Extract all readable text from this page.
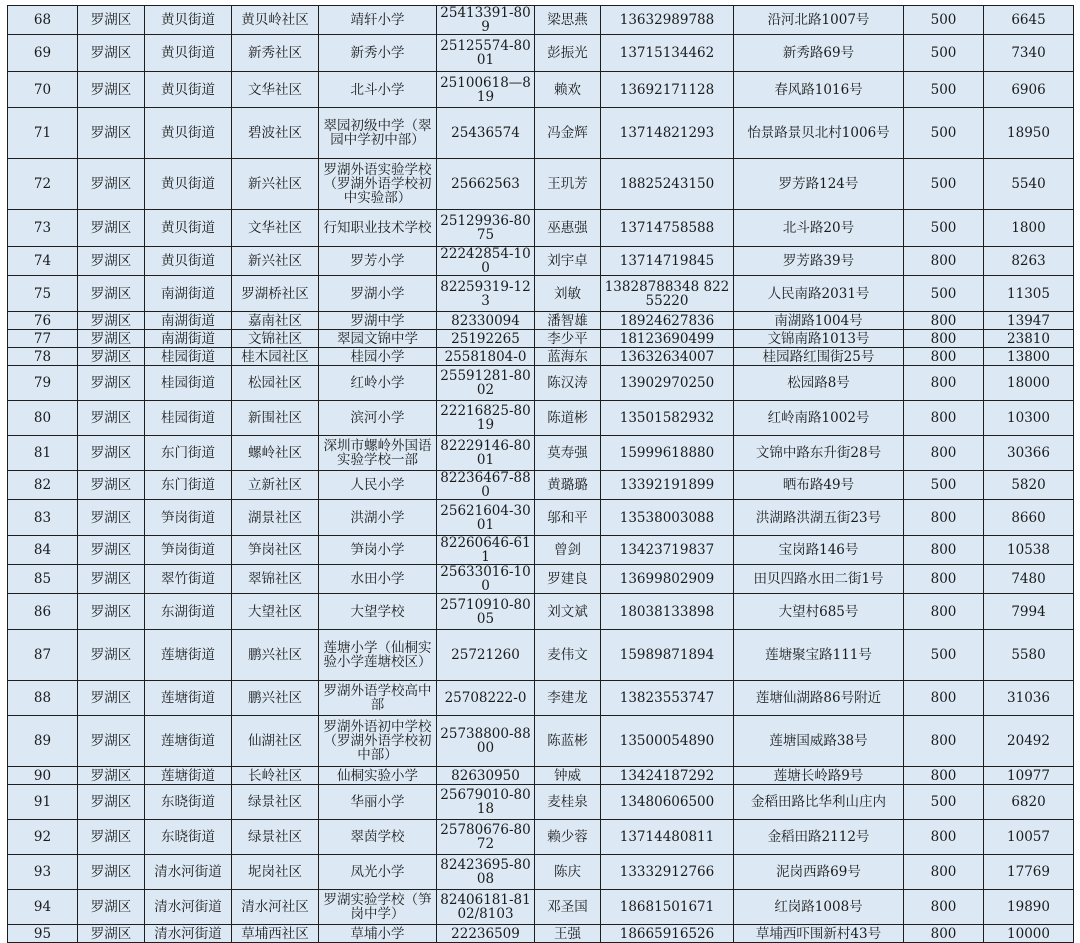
68	罗湖区	黄贝街道	黄贝岭社区	靖轩小学	25413391-809	梁思燕	13632989788	沿河北路1007号	500	6645
69	罗湖区	黄贝街道	新秀社区	新秀小学	25125574-8001	彭振光	13715134462	新秀路69号	500	7340
70	罗湖区	黄贝街道	文华社区	北斗小学	25100618—819	赖欢	13692171128	春风路1016号	500	6906
71	罗湖区	黄贝街道	碧波社区	翠园初级中学（翠园中学初中部）	25436574	冯金辉	13714821293	怡景路景贝北村1006号	500	18950
72	罗湖区	黄贝街道	新兴社区	罗湖外语实验学校（罗湖外语学校初中实验部）	25662563	王玑芳	18825243150	罗芳路124号	500	5540
73	罗湖区	黄贝街道	文华社区	行知职业技术学校	25129936-8075	巫惠强	13714758588	北斗路20号	500	1800
74	罗湖区	黄贝街道	新兴社区	罗芳小学	22242854-100	刘宇卓	13714719845	罗芳路39号	800	8263
75	罗湖区	南湖街道	罗湖桥社区	罗湖小学	82259319-123	刘敏	13828788348 82255220	人民南路2031号	500	11305
76	罗湖区	南湖街道	嘉南社区	罗湖中学	82330094	潘智雄	18924627836	南湖路1004号	800	13947
77	罗湖区	南湖街道	文锦社区	翠园文锦中学	25192265	李少平	18123690499	文锦南路1013号	800	23810
78	罗湖区	桂园街道	桂木园社区	桂园小学	25581804-0	蓝海东	13632634007	桂园路红围街25号	800	13800
79	罗湖区	桂园街道	松园社区	红岭小学	25591281-8002	陈汉涛	13902970250	松园路8号	800	18000
80	罗湖区	桂园街道	新围社区	滨河小学	22216825-8019	陈道彬	13501582932	红岭南路1002号	800	10300
81	罗湖区	东门街道	螺岭社区	深圳市螺岭外国语实验学校一部	82229146-8001	莫寿强	15999618880	文锦中路东升街28号	800	30366
82	罗湖区	东门街道	立新社区	人民小学	82236467-880	黄璐璐	13392191899	晒布路49号	500	5820
83	罗湖区	笋岗街道	湖景社区	洪湖小学	25621604-3001	邬和平	13538003088	洪湖路洪湖五街23号	800	8660
84	罗湖区	笋岗街道	笋岗社区	笋岗小学	82260646-611	曾剑	13423719837	宝岗路146号	800	10538
85	罗湖区	翠竹街道	翠锦社区	水田小学	25633016-100	罗建良	13699802909	田贝四路水田二街1号	800	7480
86	罗湖区	东湖街道	大望社区	大望学校	25710910-8005	刘文斌	18038133898	大望村685号	800	7994
87	罗湖区	莲塘街道	鹏兴社区	莲塘小学（仙桐实验小学莲塘校区）	25721260	麦伟文	15989871894	莲塘聚宝路111号	500	5580
88	罗湖区	莲塘街道	鹏兴社区	罗湖外语学校高中部	25708222-0	李建龙	13823553747	莲塘仙湖路86号附近	800	31036
89	罗湖区	莲塘街道	仙湖社区	罗湖外语初中学校（罗湖外语学校初中部）	25738800-8800	陈蓝彬	13500054890	莲塘国威路38号	800	20492
90	罗湖区	莲塘街道	长岭社区	仙桐实验小学	82630950	钟威	13424187292	莲塘长岭路9号	800	10977
91	罗湖区	东晓街道	绿景社区	华丽小学	25679010-8018	麦桂泉	13480606500	金稻田路比华利山庄内	500	6820
92	罗湖区	东晓街道	绿景社区	翠茵学校	25780676-8072	赖少蓉	13714480811	金稻田路2112号	800	10057
93	罗湖区	清水河街道	坭岗社区	凤光小学	82423695-8008	陈庆	13332912766	泥岗西路69号	800	17769
94	罗湖区	清水河街道	清水河社区	罗湖实验学校（笋岗中学）	82406181-8102/8103	邓圣国	18681501671	红岗路1008号	800	19890
95	罗湖区	清水河街道	草埔西社区	草埔小学	22236509	王强	18665916526	草埔西吓围新村43号	800	10000
